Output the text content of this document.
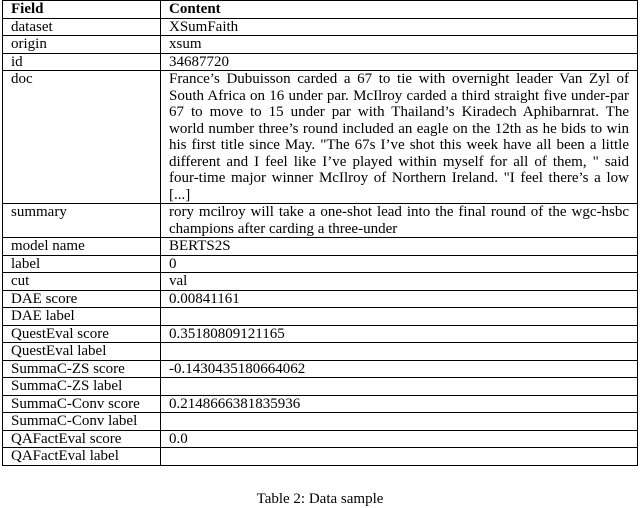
Field	Content
dataset	XSumFaith
origin	xsum
id	34687720
doc	France’s Dubuisson carded a 67 to tie with overnight leader Van Zyl of South Africa on 16 under par. McIlroy carded a third straight five under-par 67 to move to 15 under par with Thailand’s Kiradech Aphibarnrat. The world number three’s round included an eagle on the 12th as he bids to win his first title since May. "The 67s I’ve shot this week have all been a little different and I feel like I’ve played within myself for all of them, " said four-time major winner McIlroy of Northern Ireland. "I feel there’s a low [...]
summary	rory mcilroy will take a one-shot lead into the final round of the wgc-hsbc champions after carding a three-under
model name	BERTS2S
label	0
cut	val
DAE score	0.00841161
DAE label	
QuestEval score	0.35180809121165
QuestEval label	
SummaC-ZS score	-0.1430435180664062
SummaC-ZS label	
SummaC-Conv score	0.2148666381835936
SummaC-Conv label	
QAFactEval score	0.0
QAFactEval label	
Table 2: Data sample
